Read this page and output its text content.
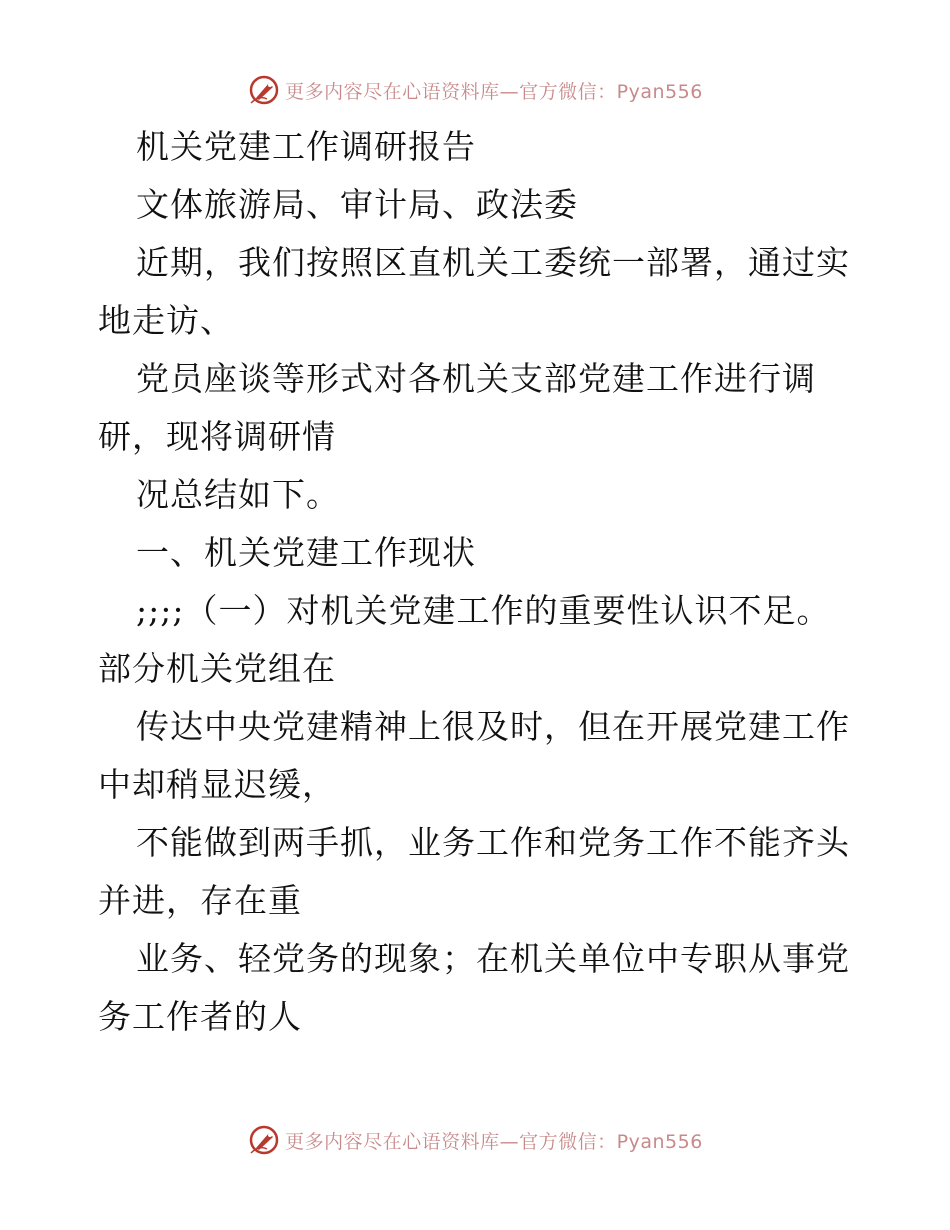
更多内容尽在心语资料库—官方微信：Pyan556
机关党建工作调研报告
文体旅游局、审计局、政法委
近期，我们按照区直机关工委统一部署，通过实
地走访、
党员座谈等形式对各机关支部党建工作进行调
研，现将调研情
况总结如下。
一、机关党建工作现状
;;;;（一）对机关党建工作的重要性认识不足。
部分机关党组在
传达中央党建精神上很及时，但在开展党建工作
中却稍显迟缓，
不能做到两手抓，业务工作和党务工作不能齐头
并进，存在重
业务、轻党务的现象；在机关单位中专职从事党
务工作者的人
更多内容尽在心语资料库—官方微信：Pyan556
